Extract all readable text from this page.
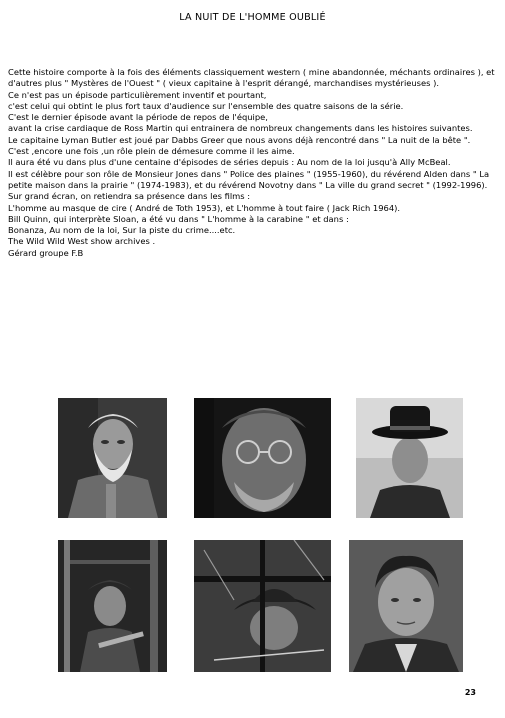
LA NUIT DE L'HOMME OUBLIÉ

Cette histoire comporte à la fois des éléments classiquement western ( mine abandonnée, méchants ordinaires ), et d'autres plus " Mystères de l'Ouest " ( vieux capitaine à l'esprit dérangé, marchandises mystérieuses ).

Ce n'est pas un épisode particulièrement inventif et pourtant,

c'est celui qui obtint le plus fort taux d'audience sur l'ensemble des quatre saisons de la série.

C'est le dernier épisode avant la période de repos de l'équipe,

avant la crise cardiaque de Ross Martin qui entrainera de nombreux changements dans les histoires suivantes.

Le capitaine Lyman Butler est joué par Dabbs Greer que nous avons déjà rencontré dans " La nuit de la bête ".

C'est ,encore une fois ,un rôle plein de démesure comme il les aime.

Il aura été vu dans plus d'une centaine d'épisodes de séries depuis : Au nom de la loi jusqu'à Ally McBeal.

Il est célèbre pour son rôle de Monsieur Jones dans " Police des plaines " (1955-1960), du révérend Alden dans " La petite maison dans la prairie " (1974-1983), et du révérend Novotny dans " La ville du grand secret " (1992-1996).

Sur grand écran, on retiendra sa présence dans les films :

L'homme au masque de cire ( André de Toth 1953), et L'homme à tout faire ( Jack Rich 1964).

Bill Quinn, qui interprète Sloan, a été vu dans " L'homme à la carabine " et dans :

Bonanza, Au nom de la loi, Sur la piste du crime....etc.

The Wild Wild West show archives .

Gérard groupe F.B

23
